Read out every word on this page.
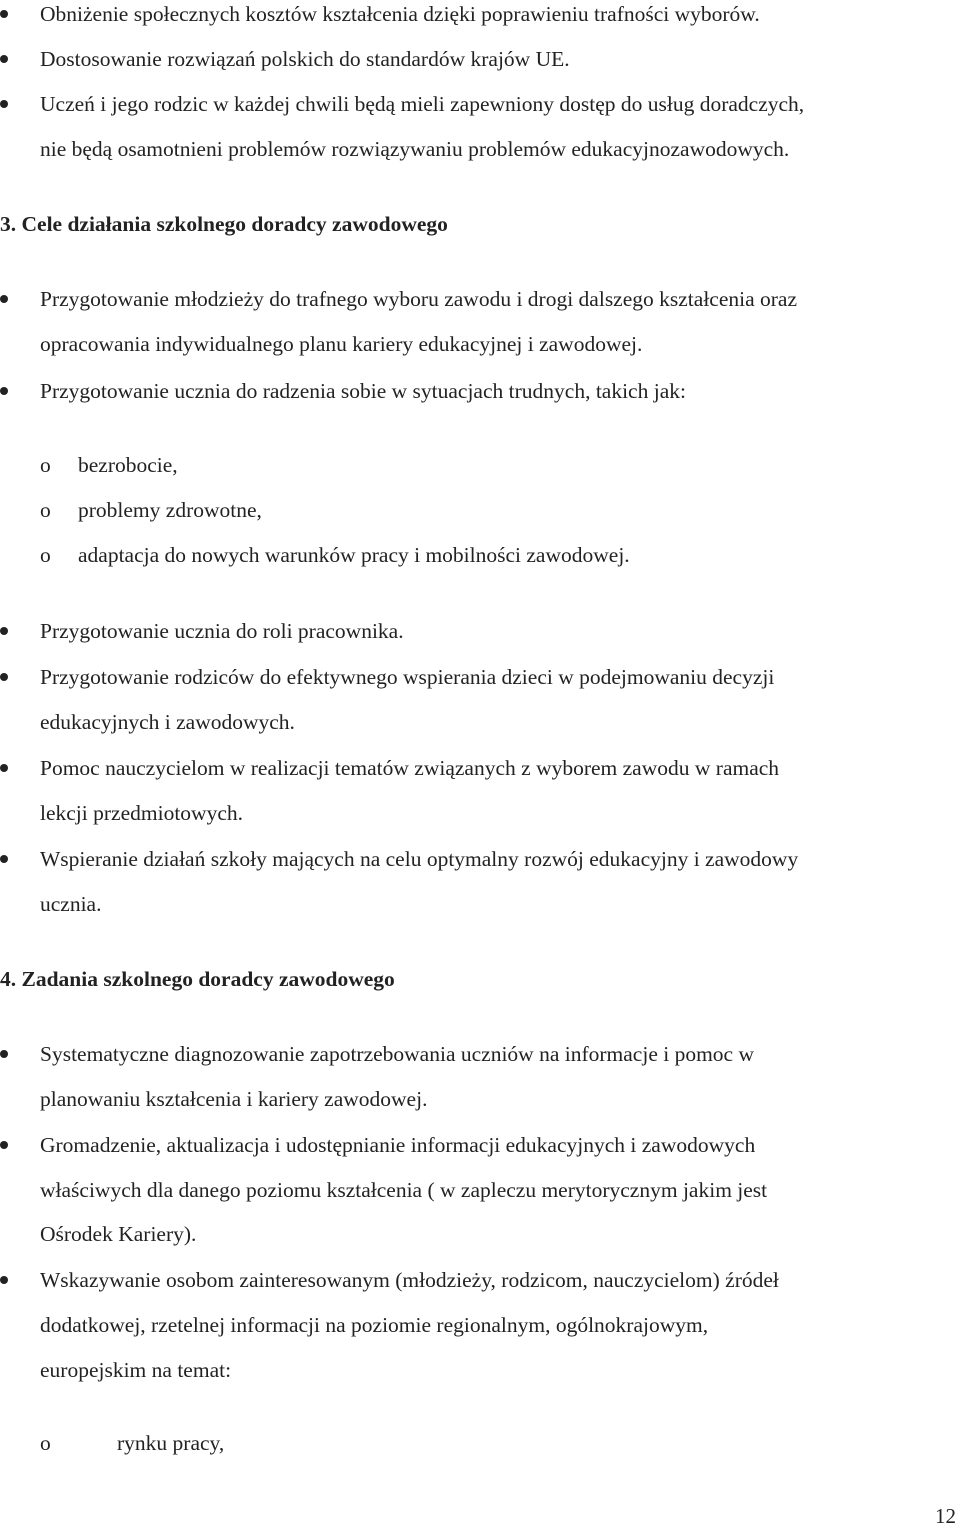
Obniżenie społecznych kosztów kształcenia dzięki poprawieniu trafności wyborów.
Dostosowanie rozwiązań polskich do standardów krajów UE.
Uczeń i jego rodzic w każdej chwili będą mieli zapewniony dostęp do usług doradczych,
nie będą osamotnieni problemów rozwiązywaniu problemów edukacyjnozawodowych.
3. Cele działania szkolnego doradcy zawodowego
Przygotowanie młodzieży do trafnego wyboru zawodu i drogi dalszego kształcenia oraz
opracowania indywidualnego planu kariery edukacyjnej i zawodowej.
Przygotowanie ucznia do radzenia sobie w sytuacjach trudnych, takich jak:
o bezrobocie,
o problemy zdrowotne,
o adaptacja do nowych warunków pracy i mobilności zawodowej.
Przygotowanie ucznia do roli pracownika.
Przygotowanie rodziców do efektywnego wspierania dzieci w podejmowaniu decyzji
edukacyjnych i zawodowych.
Pomoc nauczycielom w realizacji tematów związanych z wyborem zawodu w ramach
lekcji przedmiotowych.
Wspieranie działań szkoły mających na celu optymalny rozwój edukacyjny i zawodowy
ucznia.
4. Zadania szkolnego doradcy zawodowego
Systematyczne diagnozowanie zapotrzebowania uczniów na informacje i pomoc w
planowaniu kształcenia i kariery zawodowej.
Gromadzenie, aktualizacja i udostępnianie informacji edukacyjnych i zawodowych
właściwych dla danego poziomu kształcenia ( w zapleczu merytorycznym jakim jest
Ośrodek Kariery).
Wskazywanie osobom zainteresowanym (młodzieży, rodzicom, nauczycielom) źródeł
dodatkowej, rzetelnej informacji na poziomie regionalnym, ogólnokrajowym,
europejskim na temat:
o	rynku pracy,
12
